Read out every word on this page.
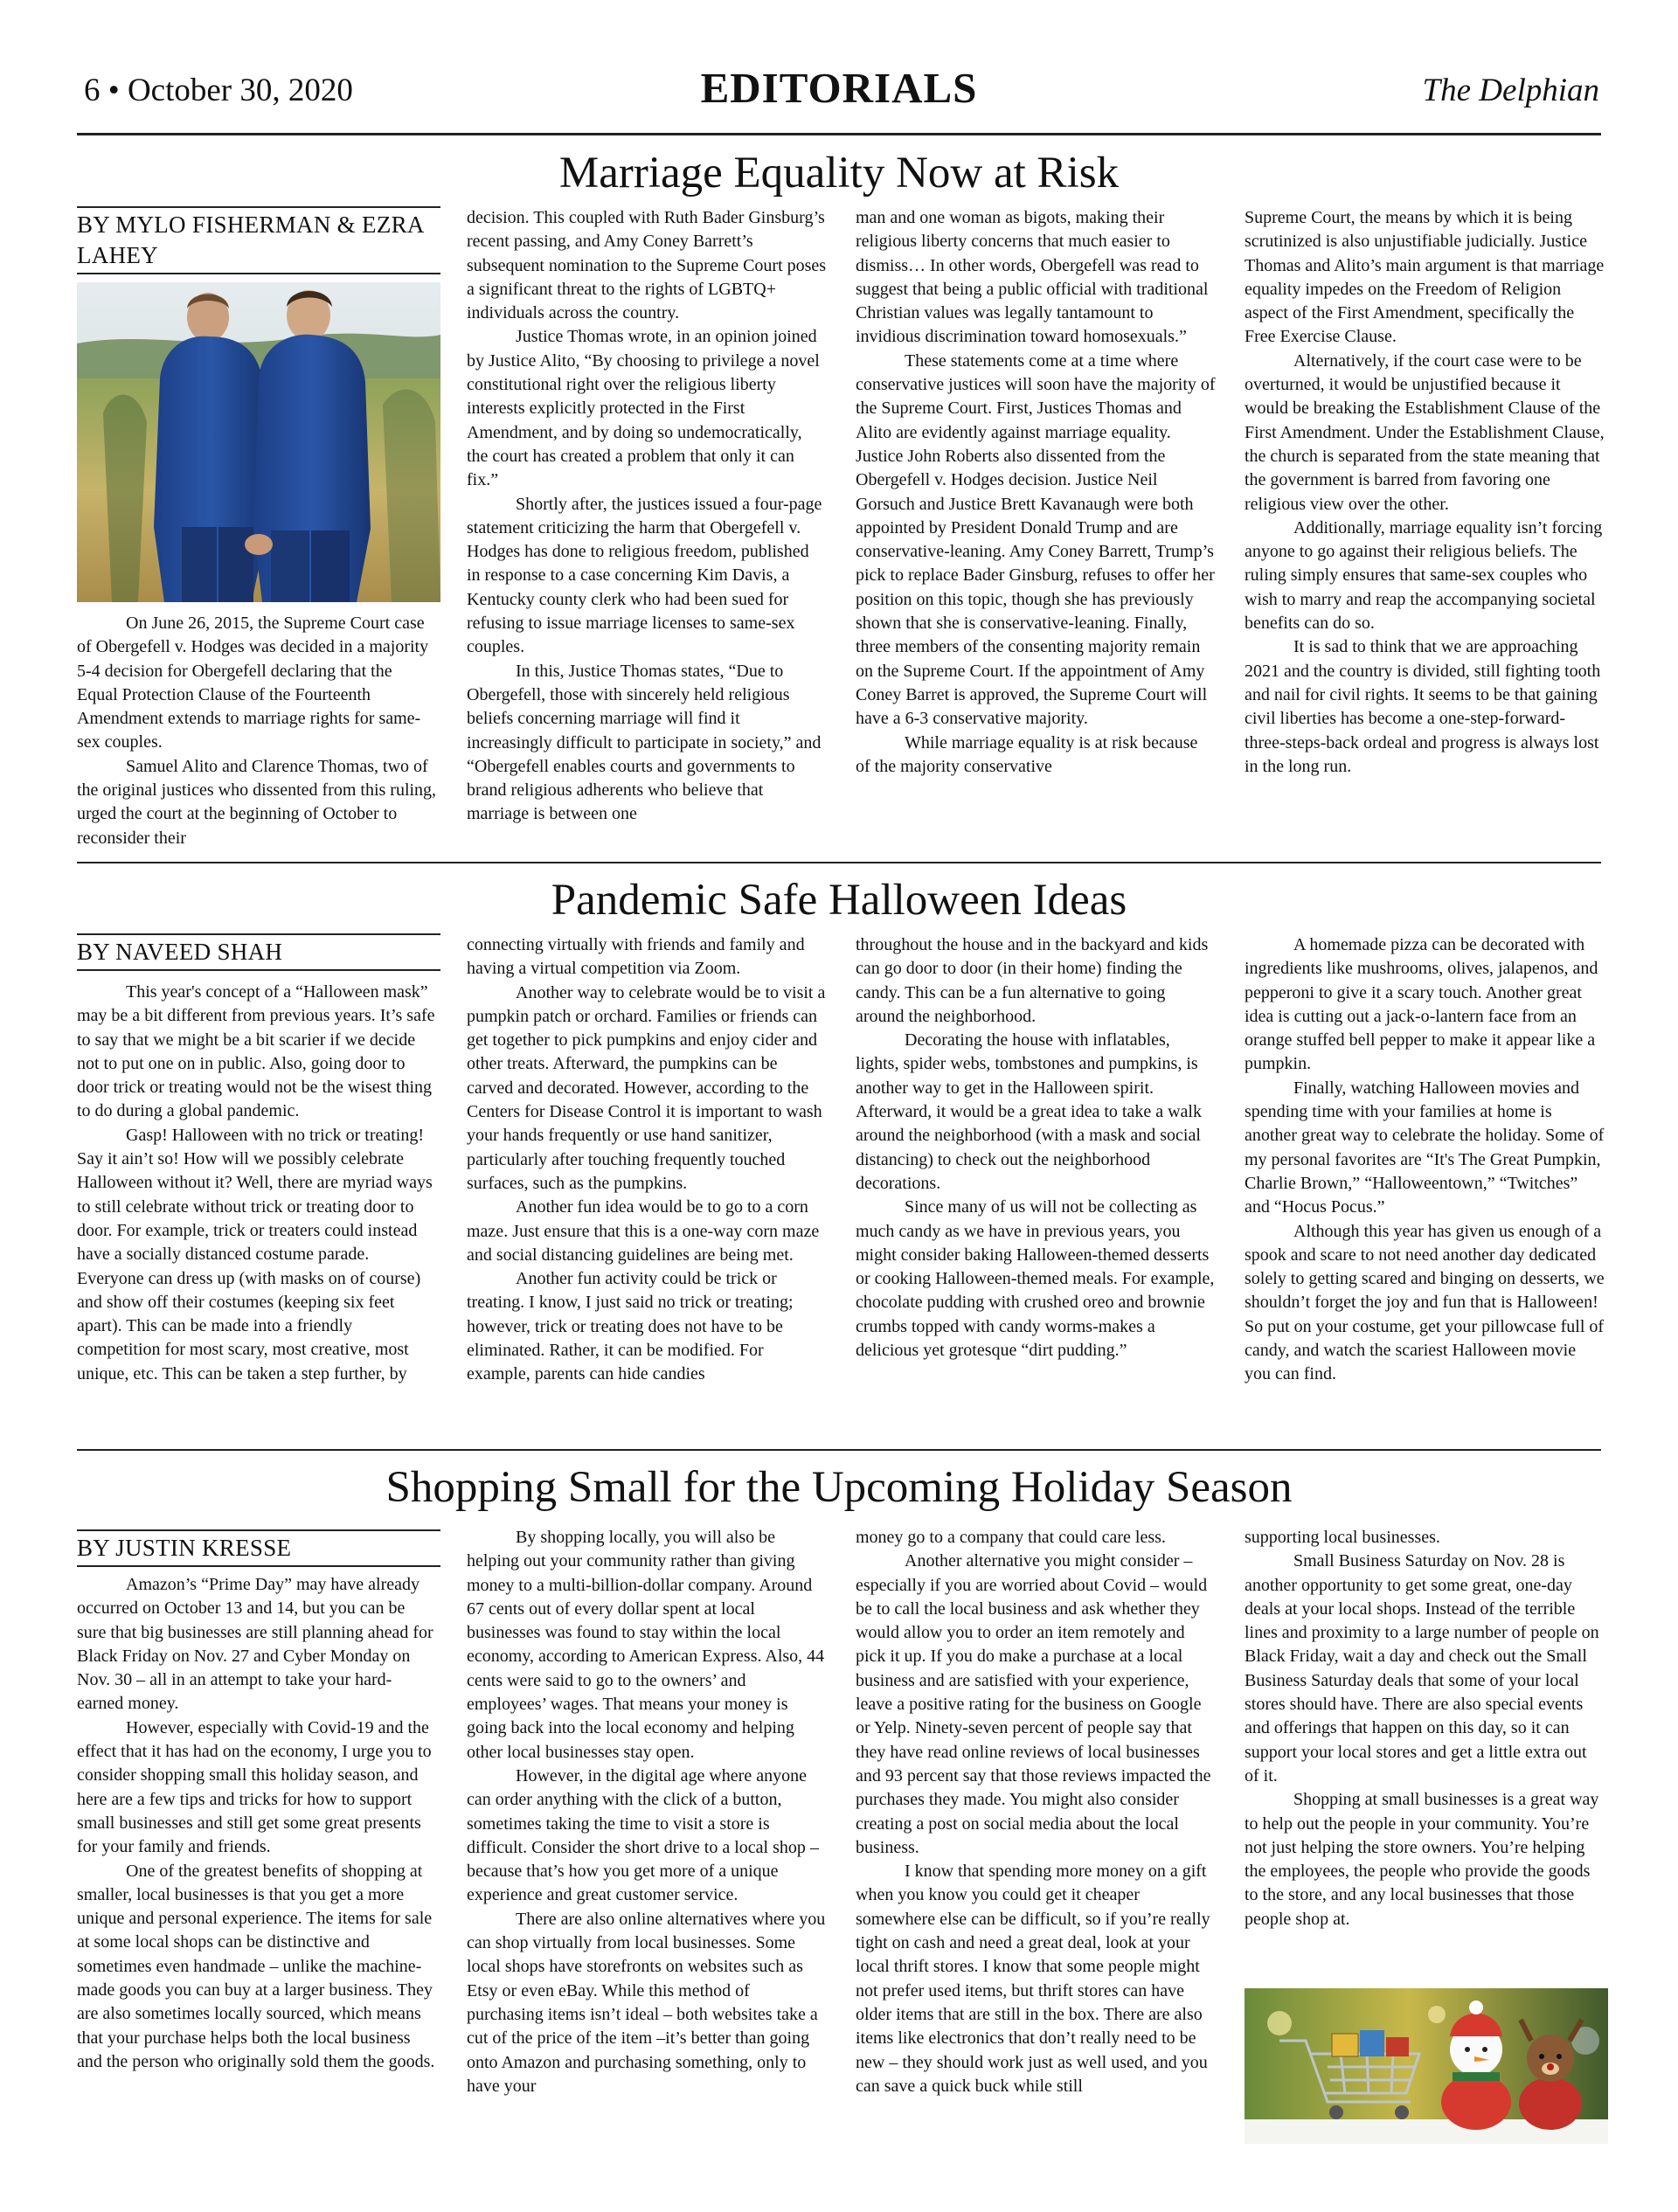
6 • October 30, 2020	EDITORIALS	The Delphian
Marriage Equality Now at Risk
BY MYLO FISHERMAN & EZRA LAHEY

On June 26, 2015, the Supreme Court case of Obergefell v. Hodges was decided in a majority 5-4 decision for Obergefell declaring that the Equal Protection Clause of the Fourteenth Amendment extends to marriage rights for same-sex couples.

Samuel Alito and Clarence Thomas, two of the original justices who dissented from this ruling, urged the court at the beginning of October to reconsider their

decision. This coupled with Ruth Bader Ginsburg’s recent passing, and Amy Coney Barrett’s subsequent nomination to the Supreme Court poses a significant threat to the rights of LGBTQ+ individuals across the country.

Justice Thomas wrote, in an opinion joined by Justice Alito, “By choosing to privilege a novel constitutional right over the religious liberty interests explicitly protected in the First Amendment, and by doing so undemocratically, the court has created a problem that only it can fix.”

Shortly after, the justices issued a four-page statement criticizing the harm that Obergefell v. Hodges has done to religious freedom, published in response to a case concerning Kim Davis, a Kentucky county clerk who had been sued for refusing to issue marriage licenses to same-sex couples.

In this, Justice Thomas states, “Due to Obergefell, those with sincerely held religious beliefs concerning marriage will find it increasingly difficult to participate in society,” and “Obergefell enables courts and governments to brand religious adherents who believe that marriage is between one

man and one woman as bigots, making their religious liberty concerns that much easier to dismiss… In other words, Obergefell was read to suggest that being a public official with traditional Christian values was legally tantamount to invidious discrimination toward homosexuals.”

These statements come at a time where conservative justices will soon have the majority of the Supreme Court. First, Justices Thomas and Alito are evidently against marriage equality. Justice John Roberts also dissented from the Obergefell v. Hodges decision. Justice Neil Gorsuch and Justice Brett Kavanaugh were both appointed by President Donald Trump and are conservative-leaning. Amy Coney Barrett, Trump’s pick to replace Bader Ginsburg, refuses to offer her position on this topic, though she has previously shown that she is conservative-leaning. Finally, three members of the consenting majority remain on the Supreme Court. If the appointment of Amy Coney Barret is approved, the Supreme Court will have a 6-3 conservative majority.

While marriage equality is at risk because of the majority conservative

Supreme Court, the means by which it is being scrutinized is also unjustifiable judicially. Justice Thomas and Alito’s main argument is that marriage equality impedes on the Freedom of Religion aspect of the First Amendment, specifically the Free Exercise Clause.

Alternatively, if the court case were to be overturned, it would be unjustified because it would be breaking the Establishment Clause of the First Amendment. Under the Establishment Clause, the church is separated from the state meaning that the government is barred from favoring one religious view over the other.

Additionally, marriage equality isn’t forcing anyone to go against their religious beliefs. The ruling simply ensures that same-sex couples who wish to marry and reap the accompanying societal benefits can do so.

It is sad to think that we are approaching 2021 and the country is divided, still fighting tooth and nail for civil rights. It seems to be that gaining civil liberties has become a one-step-forward-three-steps-back ordeal and progress is always lost in the long run.

Pandemic Safe Halloween Ideas
BY NAVEED SHAH

This year's concept of a “Halloween mask” may be a bit different from previous years. It’s safe to say that we might be a bit scarier if we decide not to put one on in public. Also, going door to door trick or treating would not be the wisest thing to do during a global pandemic.

Gasp! Halloween with no trick or treating! Say it ain’t so! How will we possibly celebrate Halloween without it? Well, there are myriad ways to still celebrate without trick or treating door to door. For example, trick or treaters could instead have a socially distanced costume parade. Everyone can dress up (with masks on of course) and show off their costumes (keeping six feet apart). This can be made into a friendly competition for most scary, most creative, most unique, etc. This can be taken a step further, by

connecting virtually with friends and family and having a virtual competition via Zoom.

Another way to celebrate would be to visit a pumpkin patch or orchard. Families or friends can get together to pick pumpkins and enjoy cider and other treats. Afterward, the pumpkins can be carved and decorated. However, according to the Centers for Disease Control it is important to wash your hands frequently or use hand sanitizer, particularly after touching frequently touched surfaces, such as the pumpkins.

Another fun idea would be to go to a corn maze. Just ensure that this is a one-way corn maze and social distancing guidelines are being met.

Another fun activity could be trick or treating. I know, I just said no trick or treating; however, trick or treating does not have to be eliminated. Rather, it can be modified. For example, parents can hide candies

throughout the house and in the backyard and kids can go door to door (in their home) finding the candy. This can be a fun alternative to going around the neighborhood.

Decorating the house with inflatables, lights, spider webs, tombstones and pumpkins, is another way to get in the Halloween spirit. Afterward, it would be a great idea to take a walk around the neighborhood (with a mask and social distancing) to check out the neighborhood decorations.

Since many of us will not be collecting as much candy as we have in previous years, you might consider baking Halloween-themed desserts or cooking Halloween-themed meals. For example, chocolate pudding with crushed oreo and brownie crumbs topped with candy worms-makes a delicious yet grotesque “dirt pudding.”

A homemade pizza can be decorated with ingredients like mushrooms, olives, jalapenos, and pepperoni to give it a scary touch. Another great idea is cutting out a jack-o-lantern face from an orange stuffed bell pepper to make it appear like a pumpkin.

Finally, watching Halloween movies and spending time with your families at home is another great way to celebrate the holiday. Some of my personal favorites are “It's The Great Pumpkin, Charlie Brown,” “Halloweentown,” “Twitches” and “Hocus Pocus.”

Although this year has given us enough of a spook and scare to not need another day dedicated solely to getting scared and binging on desserts, we shouldn’t forget the joy and fun that is Halloween! So put on your costume, get your pillowcase full of candy, and watch the scariest Halloween movie you can find.

Shopping Small for the Upcoming Holiday Season
BY JUSTIN KRESSE

Amazon’s “Prime Day” may have already occurred on October 13 and 14, but you can be sure that big businesses are still planning ahead for Black Friday on Nov. 27 and Cyber Monday on Nov. 30 – all in an attempt to take your hard-earned money.

However, especially with Covid-19 and the effect that it has had on the economy, I urge you to consider shopping small this holiday season, and here are a few tips and tricks for how to support small businesses and still get some great presents for your family and friends.

One of the greatest benefits of shopping at smaller, local businesses is that you get a more unique and personal experience. The items for sale at some local shops can be distinctive and sometimes even handmade – unlike the machine-made goods you can buy at a larger business. They are also sometimes locally sourced, which means that your purchase helps both the local business and the person who originally sold them the goods.

By shopping locally, you will also be helping out your community rather than giving money to a multi-billion-dollar company. Around 67 cents out of every dollar spent at local businesses was found to stay within the local economy, according to American Express. Also, 44 cents were said to go to the owners’ and employees’ wages. That means your money is going back into the local economy and helping other local businesses stay open.

However, in the digital age where anyone can order anything with the click of a button, sometimes taking the time to visit a store is difficult. Consider the short drive to a local shop – because that’s how you get more of a unique experience and great customer service.

There are also online alternatives where you can shop virtually from local businesses. Some local shops have storefronts on websites such as Etsy or even eBay. While this method of purchasing items isn’t ideal – both websites take a cut of the price of the item –it’s better than going onto Amazon and purchasing something, only to have your

money go to a company that could care less.

Another alternative you might consider – especially if you are worried about Covid – would be to call the local business and ask whether they would allow you to order an item remotely and pick it up. If you do make a purchase at a local business and are satisfied with your experience, leave a positive rating for the business on Google or Yelp. Ninety-seven percent of people say that they have read online reviews of local businesses and 93 percent say that those reviews impacted the purchases they made. You might also consider creating a post on social media about the local business.

I know that spending more money on a gift when you know you could get it cheaper somewhere else can be difficult, so if you’re really tight on cash and need a great deal, look at your local thrift stores. I know that some people might not prefer used items, but thrift stores can have older items that are still in the box. There are also items like electronics that don’t really need to be new – they should work just as well used, and you can save a quick buck while still

supporting local businesses.

Small Business Saturday on Nov. 28 is another opportunity to get some great, one-day deals at your local shops. Instead of the terrible lines and proximity to a large number of people on Black Friday, wait a day and check out the Small Business Saturday deals that some of your local stores should have. There are also special events and offerings that happen on this day, so it can support your local stores and get a little extra out of it.

Shopping at small businesses is a great way to help out the people in your community. You’re not just helping the store owners. You’re helping the employees, the people who provide the goods to the store, and any local businesses that those people shop at.
